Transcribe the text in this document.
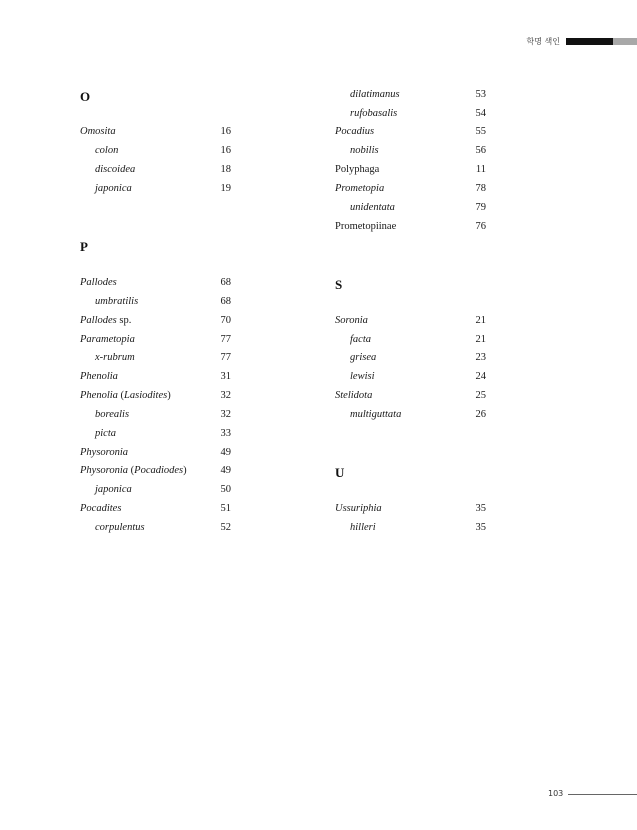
학명 색인
O
Omosita	16
colon	16
discoidea	18
japonica	19
P
Pallodes	68
umbratilis	68
Pallodes sp.	70
Parametopia	77
x-rubrum	77
Phenolia	31
Phenolia (Lasiodites)	32
borealis	32
picta	33
Physoronia	49
Physoronia (Pocadiodes)	49
japonica	50
Pocadites	51
corpulentus	52
dilatimanus	53
rufobasalis	54
Pocadius	55
nobilis	56
Polyphaga	11
Prometopia	78
unidentata	79
Prometopiinae	76
S
Soronia	21
facta	21
grisea	23
lewisi	24
Stelidota	25
multiguttata	26
U
Ussuriphia	35
hilleri	35
103
